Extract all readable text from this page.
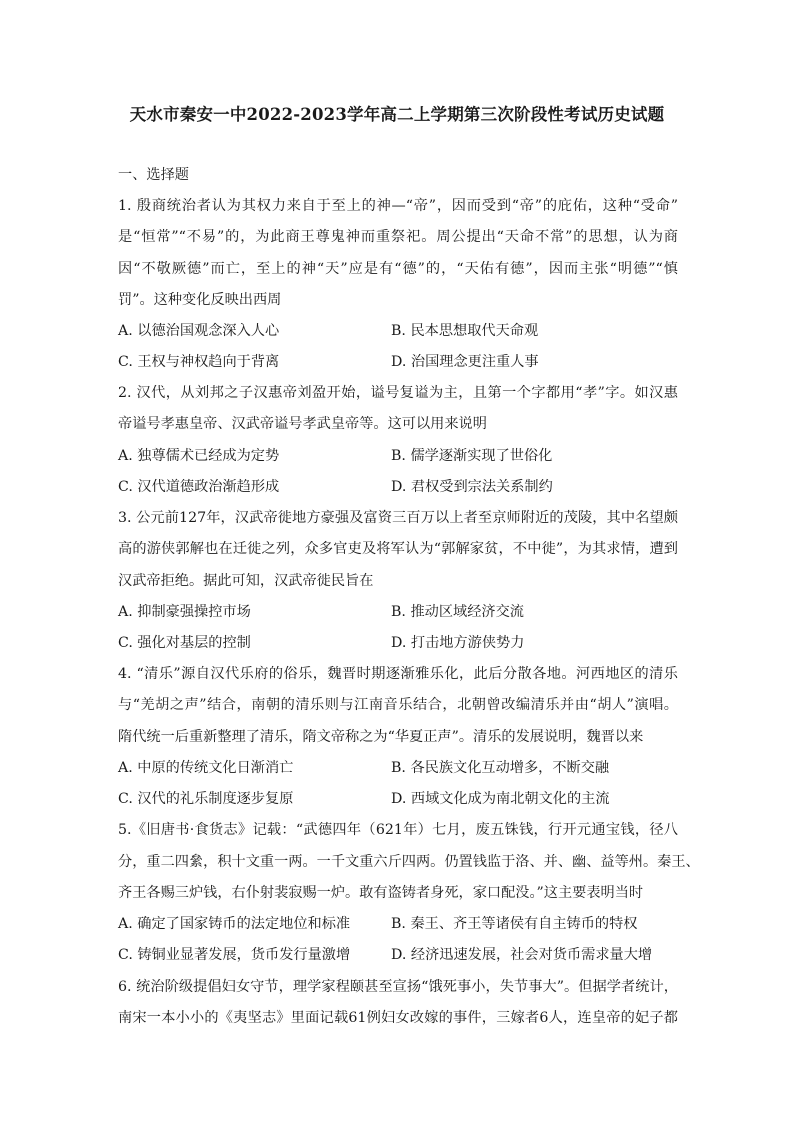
天水市秦安一中2022-2023学年高二上学期第三次阶段性考试历史试题
一、选择题
1. 殷商统治者认为其权力来自于至上的神—“帝”，因而受到“帝”的庇佑，这种“受命”
是“恒常”“不易”的，为此商王尊鬼神而重祭祀。周公提出“天命不常”的思想，认为商
因“不敬厥德”而亡，至上的神“天”应是有“德”的，“天佑有德”，因而主张“明德”“慎
罚”。这种变化反映出西周
A. 以德治国观念深入人心	B. 民本思想取代天命观
C. 王权与神权趋向于背离	D. 治国理念更注重人事
2. 汉代，从刘邦之子汉惠帝刘盈开始，谥号复谥为主，且第一个字都用“孝”字。如汉惠
帝谥号孝惠皇帝、汉武帝谥号孝武皇帝等。这可以用来说明
A. 独尊儒术已经成为定势	B. 儒学逐渐实现了世俗化
C. 汉代道德政治渐趋形成	D. 君权受到宗法关系制约
3. 公元前127年，汉武帝徙地方豪强及富资三百万以上者至京师附近的茂陵，其中名望颇
高的游侠郭解也在迁徙之列，众多官吏及将军认为“郭解家贫，不中徙”，为其求情，遭到
汉武帝拒绝。据此可知，汉武帝徙民旨在
A. 抑制豪强操控市场	B. 推动区域经济交流
C. 强化对基层的控制	D. 打击地方游侠势力
4. “清乐”源自汉代乐府的俗乐，魏晋时期逐渐雅乐化，此后分散各地。河西地区的清乐
与“羌胡之声”结合，南朝的清乐则与江南音乐结合，北朝曾改编清乐并由“胡人”演唱。
隋代统一后重新整理了清乐，隋文帝称之为“华夏正声”。清乐的发展说明，魏晋以来
A. 中原的传统文化日渐消亡	B. 各民族文化互动增多，不断交融
C. 汉代的礼乐制度逐步复原	D. 西域文化成为南北朝文化的主流
5.《旧唐书·食货志》记载：“武德四年（621年）七月，废五铢钱，行开元通宝钱，径八
分，重二四絫，积十文重一两。一千文重六斤四两。仍置钱监于洛、并、幽、益等州。秦王、
齐王各赐三炉钱，右仆射裴寂赐一炉。敢有盗铸者身死，家口配没。”这主要表明当时
A. 确定了国家铸币的法定地位和标准	B. 秦王、齐王等诸侯有自主铸币的特权
C. 铸铜业显著发展，货币发行量激增	D. 经济迅速发展，社会对货币需求量大增
6. 统治阶级提倡妇女守节，理学家程颐甚至宣扬“饿死事小，失节事大”。但据学者统计，
南宋一本小小的《夷坚志》里面记载61例妇女改嫁的事件，三嫁者6人，连皇帝的妃子都
